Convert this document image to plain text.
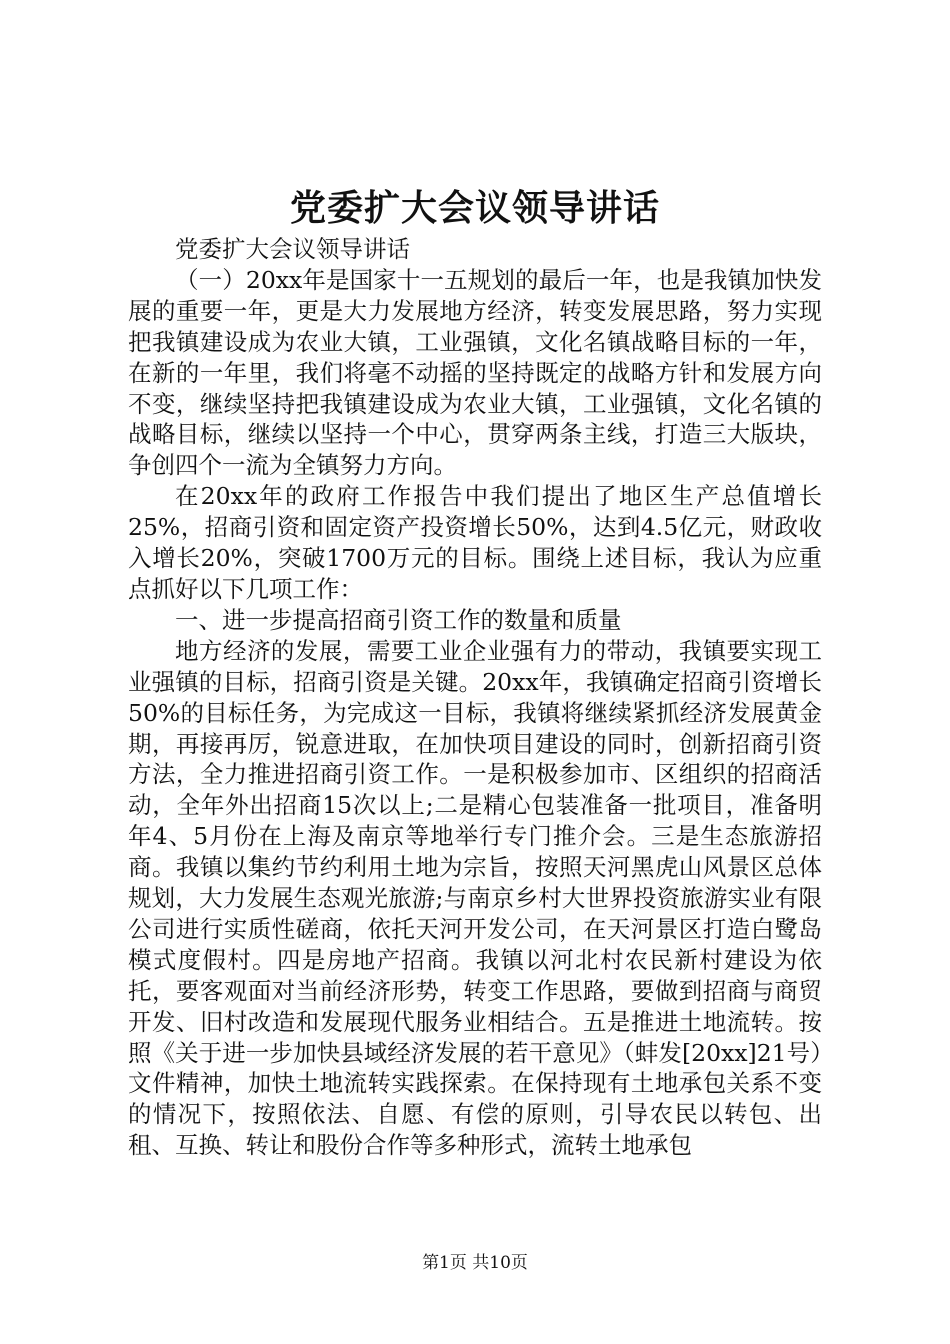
党委扩大会议领导讲话

党委扩大会议领导讲话

（一）20xx年是国家十一五规划的最后一年，也是我镇加快发展的重要一年，更是大力发展地方经济，转变发展思路，努力实现把我镇建设成为农业大镇，工业强镇，文化名镇战略目标的一年，在新的一年里，我们将毫不动摇的坚持既定的战略方针和发展方向不变，继续坚持把我镇建设成为农业大镇，工业强镇，文化名镇的战略目标，继续以坚持一个中心，贯穿两条主线，打造三大版块，争创四个一流为全镇努力方向。

在20xx年的政府工作报告中我们提出了地区生产总值增长25%，招商引资和固定资产投资增长50%，达到4.5亿元，财政收入增长20%，突破1700万元的目标。围绕上述目标，我认为应重点抓好以下几项工作：

一、进一步提高招商引资工作的数量和质量

地方经济的发展，需要工业企业强有力的带动，我镇要实现工业强镇的目标，招商引资是关键。20xx年，我镇确定招商引资增长50%的目标任务，为完成这一目标，我镇将继续紧抓经济发展黄金期，再接再厉，锐意进取，在加快项目建设的同时，创新招商引资方法，全力推进招商引资工作。一是积极参加市、区组织的招商活动，全年外出招商15次以上;二是精心包装准备一批项目，准备明年4、5月份在上海及南京等地举行专门推介会。三是生态旅游招商。我镇以集约节约利用土地为宗旨，按照天河黑虎山风景区总体规划，大力发展生态观光旅游;与南京乡村大世界投资旅游实业有限公司进行实质性磋商，依托天河开发公司，在天河景区打造白鹭岛模式度假村。四是房地产招商。我镇以河北村农民新村建设为依托，要客观面对当前经济形势，转变工作思路，要做到招商与商贸开发、旧村改造和发展现代服务业相结合。五是推进土地流转。按照《关于进一步加快县域经济发展的若干意见》（蚌发[20xx]21号）文件精神，加快土地流转实践探索。在保持现有土地承包关系不变的情况下，按照依法、自愿、有偿的原则，引导农民以转包、出租、互换、转让和股份合作等多种形式，流转土地承包

第1页 共10页
